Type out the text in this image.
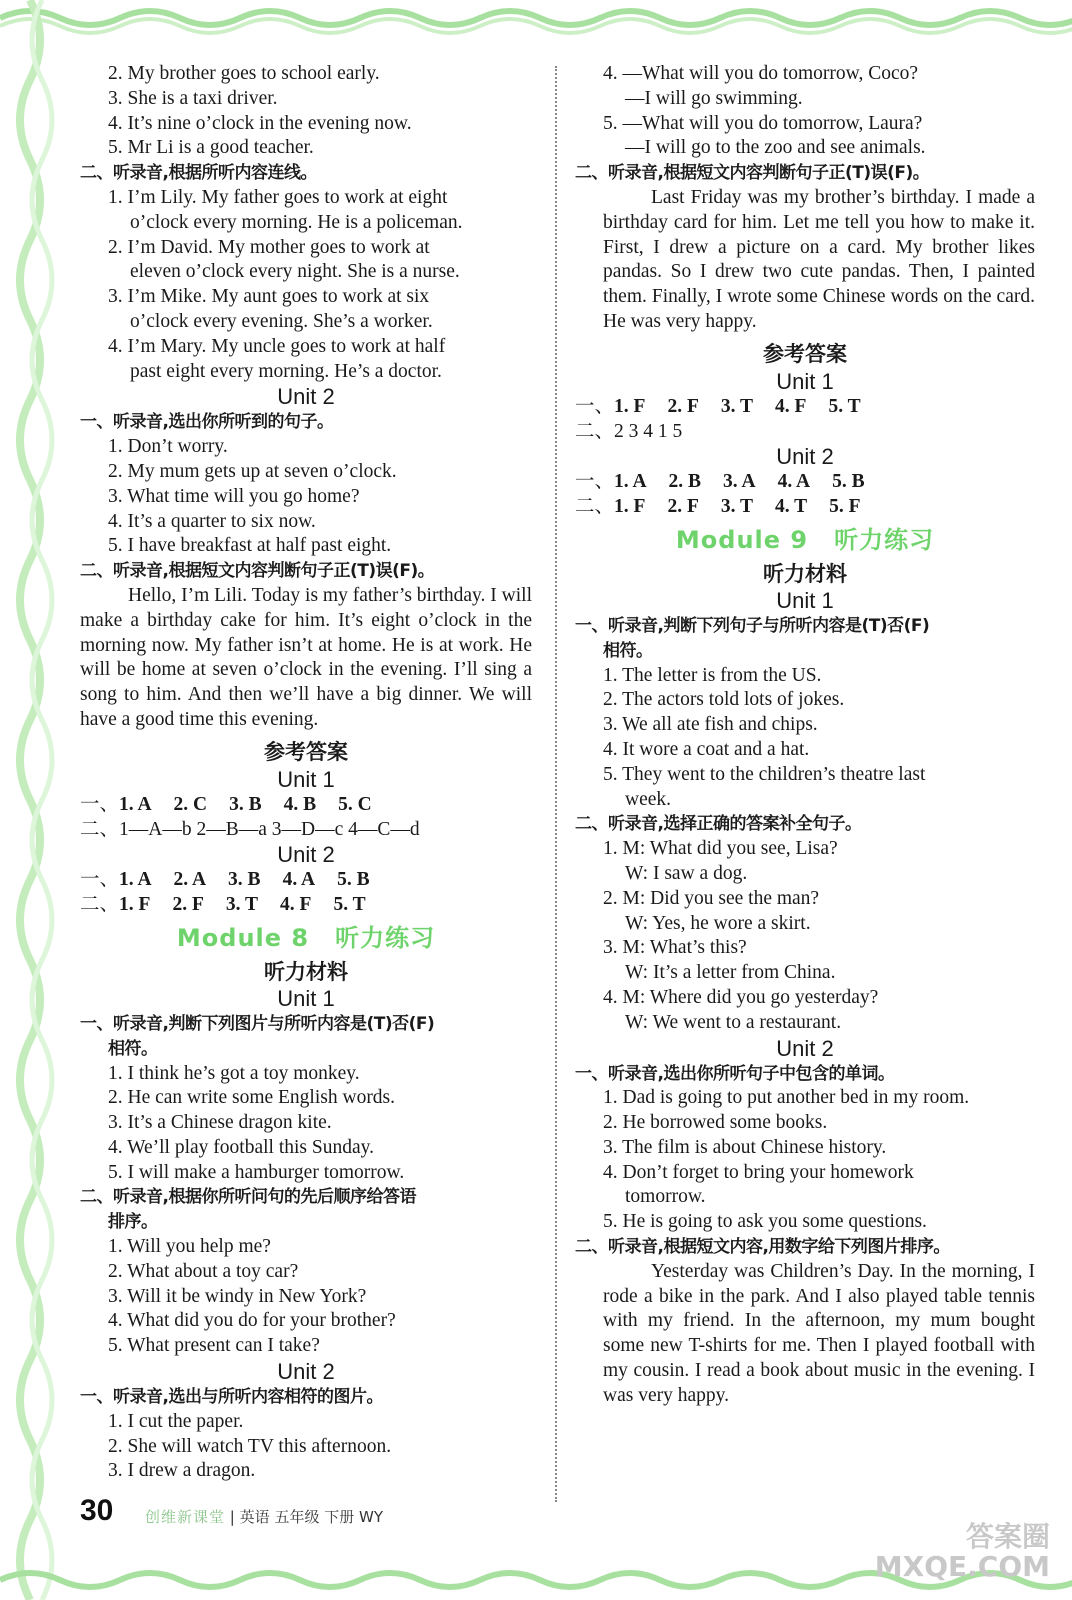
2. My brother goes to school early.
3. She is a taxi driver.
4. It’s nine o’clock in the evening now.
5. Mr Li is a good teacher.
二、听录音,根据所听内容连线。
1. I’m Lily. My father goes to work at eight
o’clock every morning. He is a policeman.
2. I’m David. My mother goes to work at
eleven o’clock every night. She is a nurse.
3. I’m Mike. My aunt goes to work at six
o’clock every evening. She’s a worker.
4. I’m Mary. My uncle goes to work at half
past eight every morning. He’s a doctor.
Unit 2
一、听录音,选出你所听到的句子。
1. Don’t worry.
2. My mum gets up at seven o’clock.
3. What time will you go home?
4. It’s a quarter to six now.
5. I have breakfast at half past eight.
二、听录音,根据短文内容判断句子正(T)误(F)。
Hello, I’m Lili. Today is my father’s birthday. I will make a birthday cake for him. It’s eight o’clock in the morning now. My father isn’t at home. He is at work. He will be home at seven o’clock in the evening. I’ll sing a song to him. And then we’ll have a big dinner. We will have a good time this evening.
参考答案
Unit 1
一、1. A 2. C 3. B 4. B 5. C
二、1—A—b 2—B—a 3—D—c 4—C—d
Unit 2
一、1. A 2. A 3. B 4. A 5. B
二、1. F 2. F 3. T 4. F 5. T
Module 8 听力练习
听力材料
Unit 1
一、听录音,判断下列图片与所听内容是(T)否(F)
相符。
1. I think he’s got a toy monkey.
2. He can write some English words.
3. It’s a Chinese dragon kite.
4. We’ll play football this Sunday.
5. I will make a hamburger tomorrow.
二、听录音,根据你所听问句的先后顺序给答语
排序。
1. Will you help me?
2. What about a toy car?
3. Will it be windy in New York?
4. What did you do for your brother?
5. What present can I take?
Unit 2
一、听录音,选出与所听内容相符的图片。
1. I cut the paper.
2. She will watch TV this afternoon.
3. I drew a dragon.
4. —What will you do tomorrow, Coco?
—I will go swimming.
5. —What will you do tomorrow, Laura?
—I will go to the zoo and see animals.
二、听录音,根据短文内容判断句子正(T)误(F)。
Last Friday was my brother’s birthday. I made a birthday card for him. Let me tell you how to make it. First, I drew a picture on a card. My brother likes pandas. So I drew two cute pandas. Then, I painted them. Finally, I wrote some Chinese words on the card. He was very happy.
参考答案
Unit 1
一、1. F 2. F 3. T 4. F 5. T
二、2 3 4 1 5
Unit 2
一、1. A 2. B 3. A 4. A 5. B
二、1. F 2. F 3. T 4. T 5. F
Module 9 听力练习
听力材料
Unit 1
一、听录音,判断下列句子与所听内容是(T)否(F)
相符。
1. The letter is from the US.
2. The actors told lots of jokes.
3. We all ate fish and chips.
4. It wore a coat and a hat.
5. They went to the children’s theatre last
week.
二、听录音,选择正确的答案补全句子。
1. M: What did you see, Lisa?
W: I saw a dog.
2. M: Did you see the man?
W: Yes, he wore a skirt.
3. M: What’s this?
W: It’s a letter from China.
4. M: Where did you go yesterday?
W: We went to a restaurant.
Unit 2
一、听录音,选出你所听句子中包含的单词。
1. Dad is going to put another bed in my room.
2. He borrowed some books.
3. The film is about Chinese history.
4. Don’t forget to bring your homework
tomorrow.
5. He is going to ask you some questions.
二、听录音,根据短文内容,用数字给下列图片排序。
Yesterday was Children’s Day. In the morning, I rode a bike in the park. And I also played table tennis with my friend. In the afternoon, my mum bought some new T-shirts for me. Then I played football with my cousin. I read a book about music in the evening. I was very happy.
30 创维新课堂 | 英语 五年级 下册 WY
答案圈
MXQE.COM
